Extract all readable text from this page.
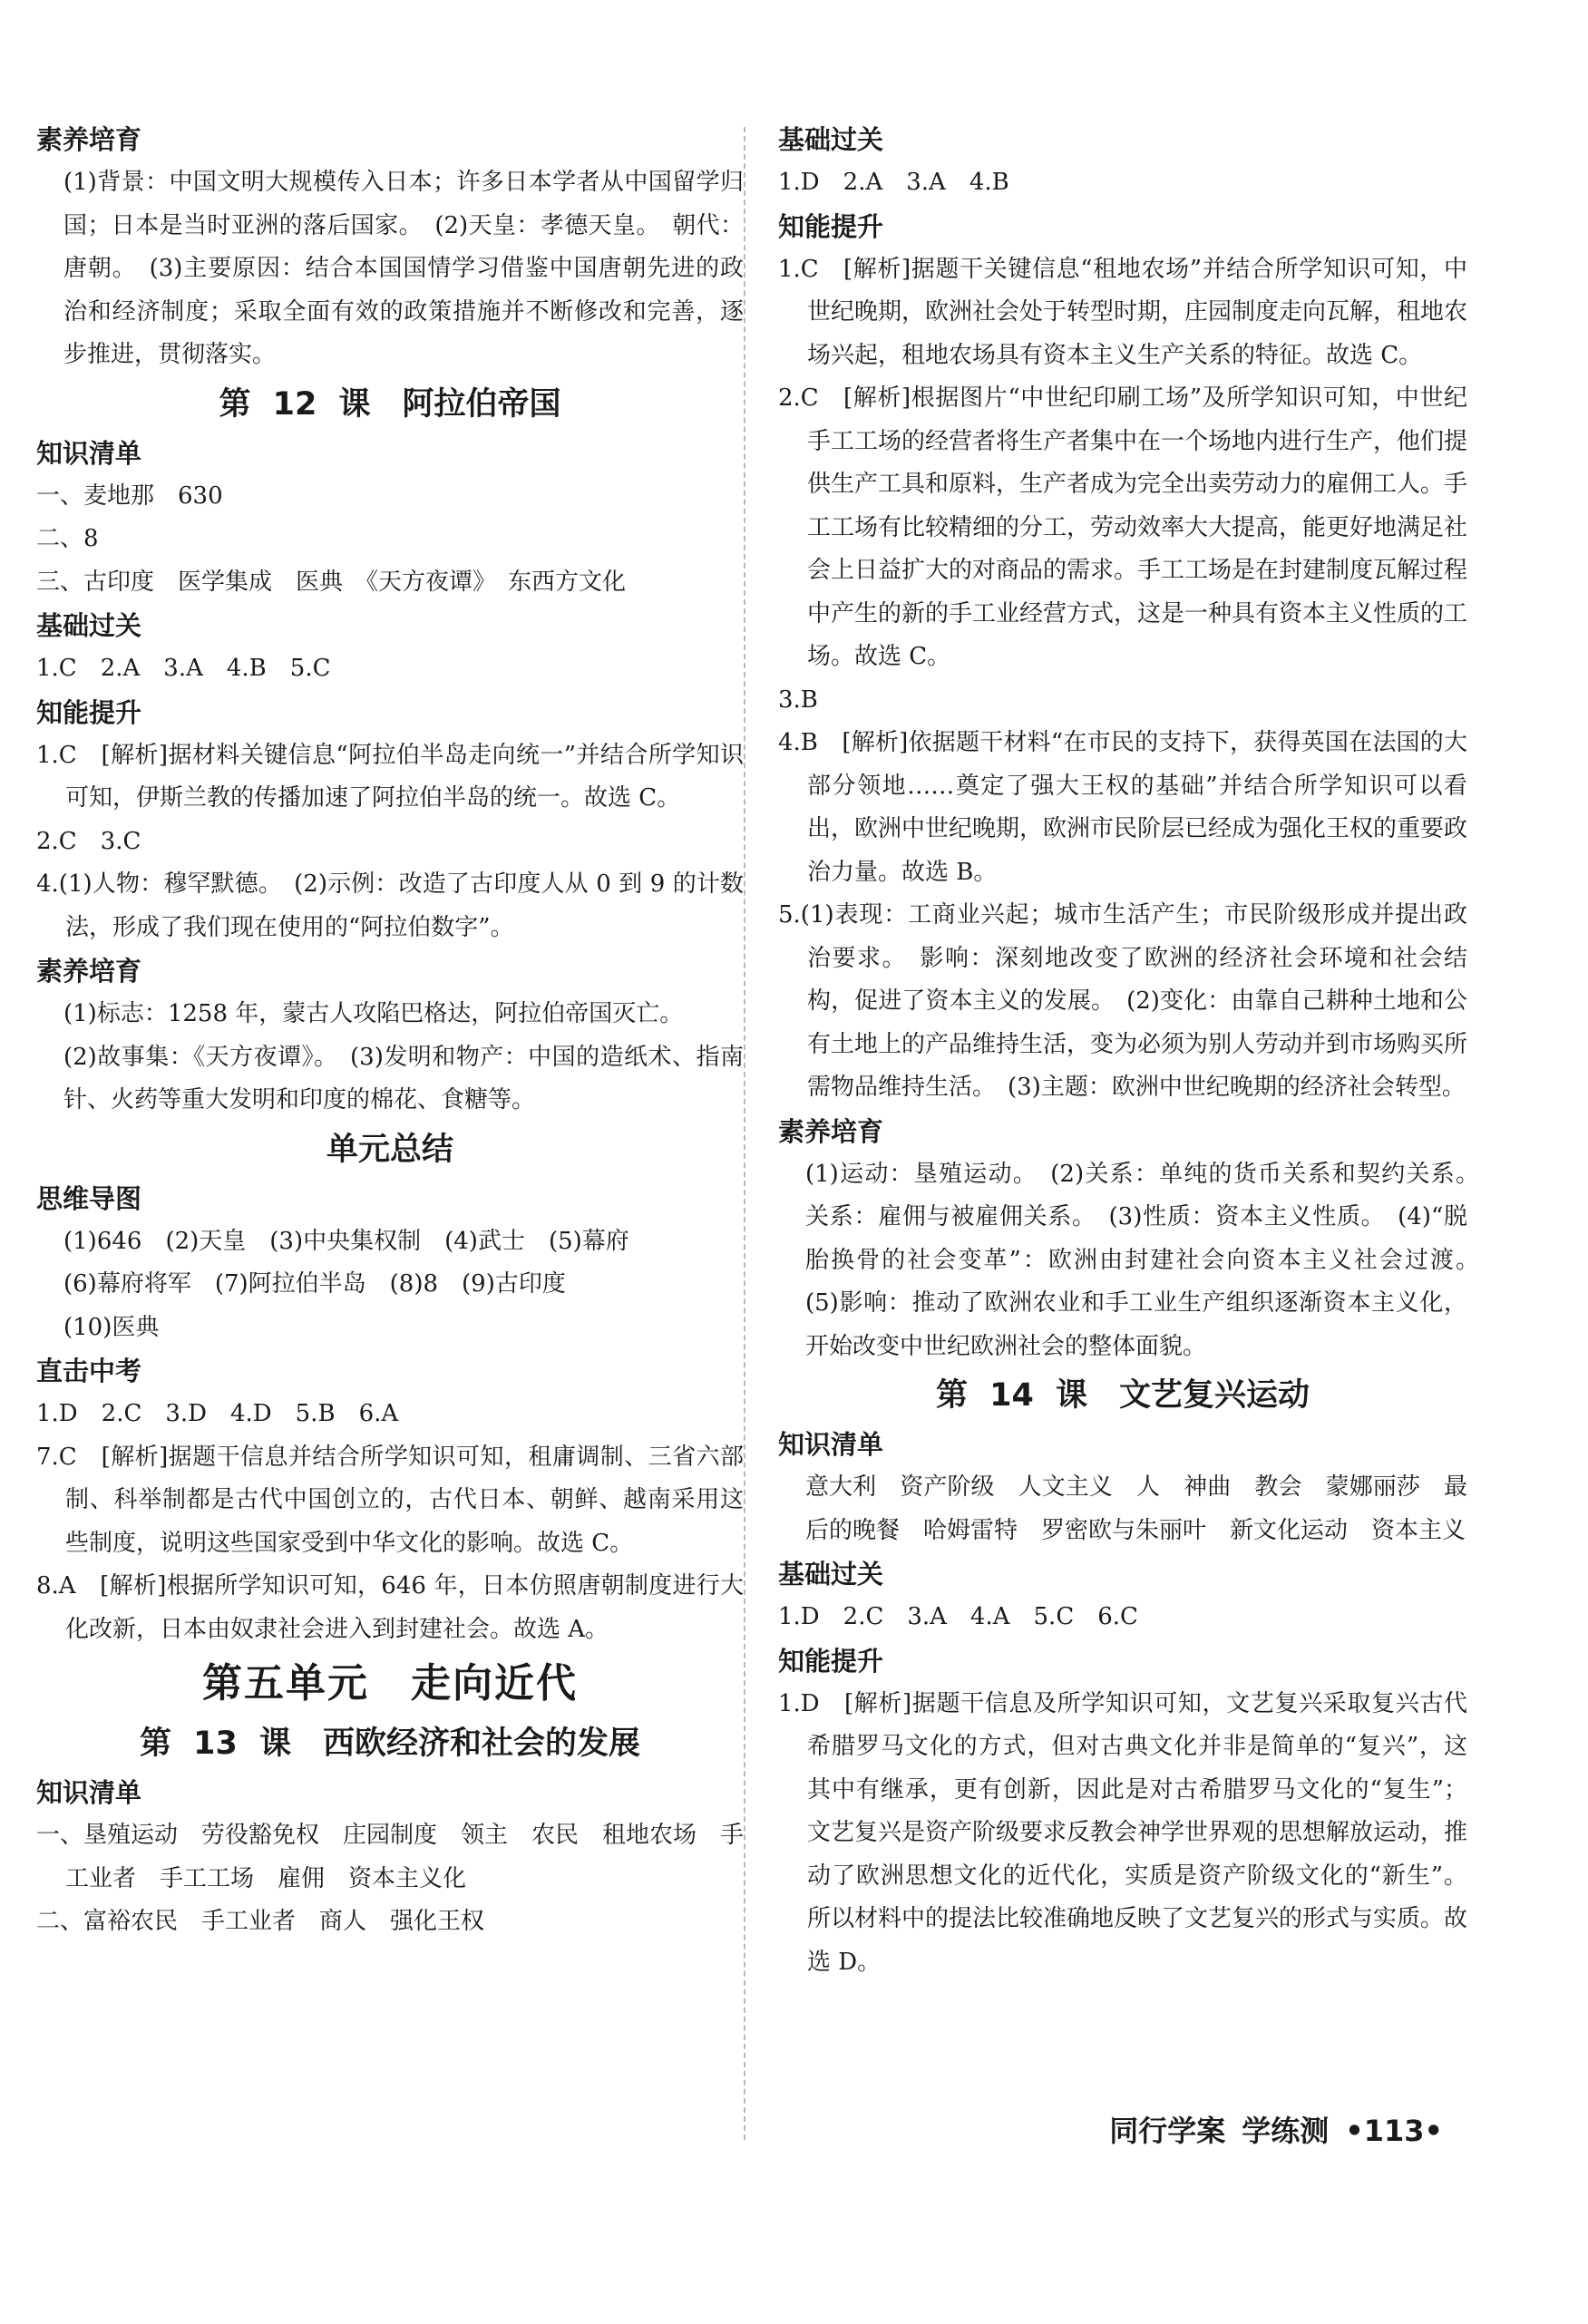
素养培育

(1)背景：中国文明大规模传入日本；许多日本学者从中国留学归国；日本是当时亚洲的落后国家。　(2)天皇：孝德天皇。　朝代：唐朝。　(3)主要原因：结合本国国情学习借鉴中国唐朝先进的政治和经济制度；采取全面有效的政策措施并不断修改和完善，逐步推进，贯彻落实。

第 12 课　阿拉伯帝国

知识清单

一、麦地那　630

二、8

三、古印度　医学集成　医典　《天方夜谭》　东西方文化

基础过关

1.C　2.A　3.A　4.B　5.C

知能提升

1.C　[解析]据材料关键信息“阿拉伯半岛走向统一”并结合所学知识可知，伊斯兰教的传播加速了阿拉伯半岛的统一。故选 C。

2.C　3.C

4.(1)人物：穆罕默德。　(2)示例：改造了古印度人从 0 到 9 的计数法，形成了我们现在使用的“阿拉伯数字”。

素养培育

(1)标志：1258 年，蒙古人攻陷巴格达，阿拉伯帝国灭亡。

(2)故事集：《天方夜谭》。　(3)发明和物产：中国的造纸术、指南针、火药等重大发明和印度的棉花、食糖等。

单元总结

思维导图

(1)646　(2)天皇　(3)中央集权制　(4)武士　(5)幕府

(6)幕府将军　(7)阿拉伯半岛　(8)8　(9)古印度

(10)医典

直击中考

1.D　2.C　3.D　4.D　5.B　6.A

7.C　[解析]据题干信息并结合所学知识可知，租庸调制、三省六部制、科举制都是古代中国创立的，古代日本、朝鲜、越南采用这些制度，说明这些国家受到中华文化的影响。故选 C。

8.A　[解析]根据所学知识可知，646 年，日本仿照唐朝制度进行大化改新，日本由奴隶社会进入到封建社会。故选 A。

第五单元　走向近代

第 13 课　西欧经济和社会的发展

知识清单

一、垦殖运动　劳役豁免权　庄园制度　领主　农民　租地农场　手工业者　手工工场　雇佣　资本主义化

二、富裕农民　手工业者　商人　强化王权

基础过关

1.D　2.A　3.A　4.B

知能提升

1.C　[解析]据题干关键信息“租地农场”并结合所学知识可知，中世纪晚期，欧洲社会处于转型时期，庄园制度走向瓦解，租地农场兴起，租地农场具有资本主义生产关系的特征。故选 C。

2.C　[解析]根据图片“中世纪印刷工场”及所学知识可知，中世纪手工工场的经营者将生产者集中在一个场地内进行生产，他们提供生产工具和原料，生产者成为完全出卖劳动力的雇佣工人。手工工场有比较精细的分工，劳动效率大大提高，能更好地满足社会上日益扩大的对商品的需求。手工工场是在封建制度瓦解过程中产生的新的手工业经营方式，这是一种具有资本主义性质的工场。故选 C。

3.B

4.B　[解析]依据题干材料“在市民的支持下，获得英国在法国的大部分领地……奠定了强大王权的基础”并结合所学知识可以看出，欧洲中世纪晚期，欧洲市民阶层已经成为强化王权的重要政治力量。故选 B。

5.(1)表现：工商业兴起；城市生活产生；市民阶级形成并提出政治要求。　影响：深刻地改变了欧洲的经济社会环境和社会结构，促进了资本主义的发展。　(2)变化：由靠自己耕种土地和公有土地上的产品维持生活，变为必须为别人劳动并到市场购买所需物品维持生活。　(3)主题：欧洲中世纪晚期的经济社会转型。

素养培育

(1)运动：垦殖运动。　(2)关系：单纯的货币关系和契约关系。　关系：雇佣与被雇佣关系。　(3)性质：资本主义性质。　(4)“脱胎换骨的社会变革”：欧洲由封建社会向资本主义社会过渡。　(5)影响：推动了欧洲农业和手工业生产组织逐渐资本主义化，开始改变中世纪欧洲社会的整体面貌。

第 14 课　文艺复兴运动

知识清单

意大利　资产阶级　人文主义　人　神曲　教会　蒙娜丽莎　最后的晚餐　哈姆雷特　罗密欧与朱丽叶　新文化运动　资本主义

基础过关

1.D　2.C　3.A　4.A　5.C　6.C

知能提升

1.D　[解析]据题干信息及所学知识可知，文艺复兴采取复兴古代希腊罗马文化的方式，但对古典文化并非是简单的“复兴”，这其中有继承，更有创新，因此是对古希腊罗马文化的“复生”；文艺复兴是资产阶级要求反教会神学世界观的思想解放运动，推动了欧洲思想文化的近代化，实质是资产阶级文化的“新生”。所以材料中的提法比较准确地反映了文艺复兴的形式与实质。故选 D。

同行学案 学练测 •113•
